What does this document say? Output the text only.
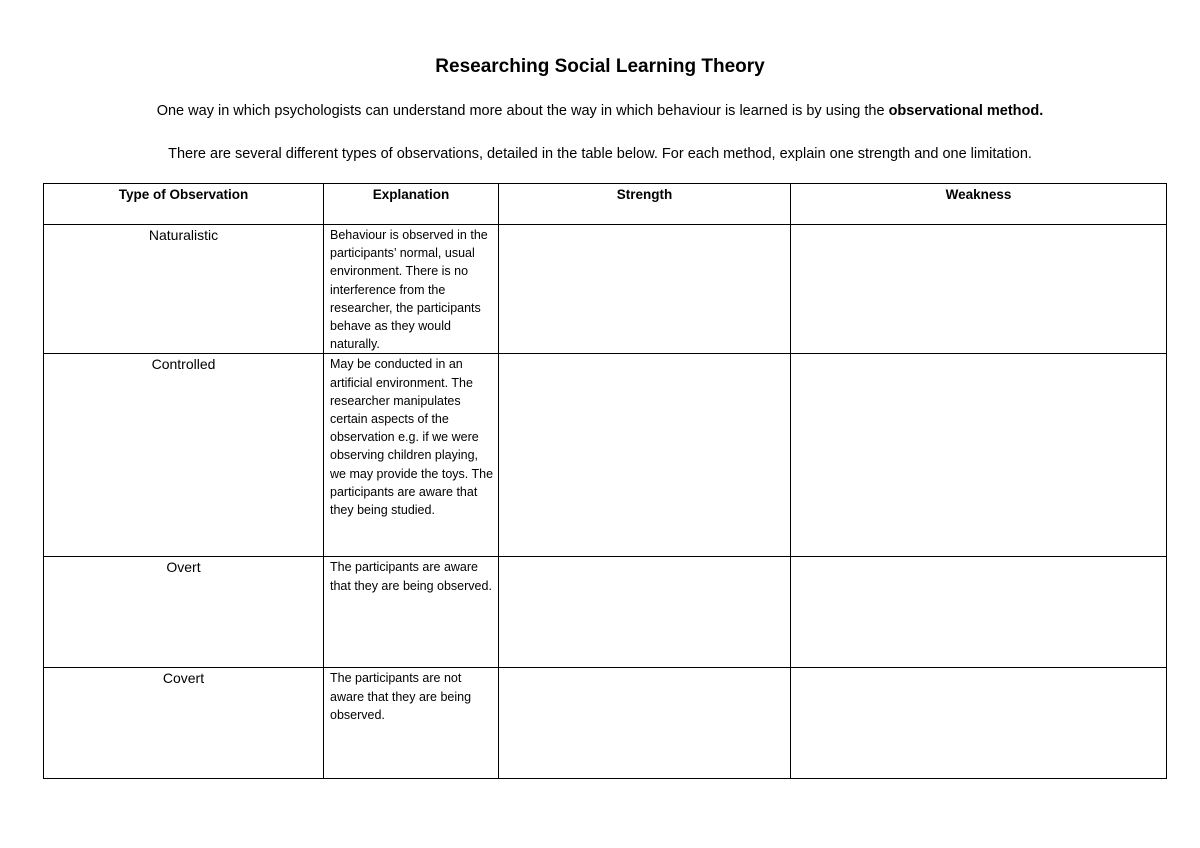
Researching Social Learning Theory
One way in which psychologists can understand more about the way in which behaviour is learned is by using the observational method.
There are several different types of observations, detailed in the table below. For each method, explain one strength and one limitation.
Type of Observation	Explanation	Strength	Weakness
Naturalistic	Behaviour is observed in the participants’ normal, usual environment. There is no interference from the researcher, the participants behave as they would naturally.		
Controlled	May be conducted in an artificial environment. The researcher manipulates certain aspects of the observation e.g. if we were observing children playing, we may provide the toys. The participants are aware that they being studied.		
Overt	The participants are aware that they are being observed.		
Covert	The participants are not aware that they are being observed.		
